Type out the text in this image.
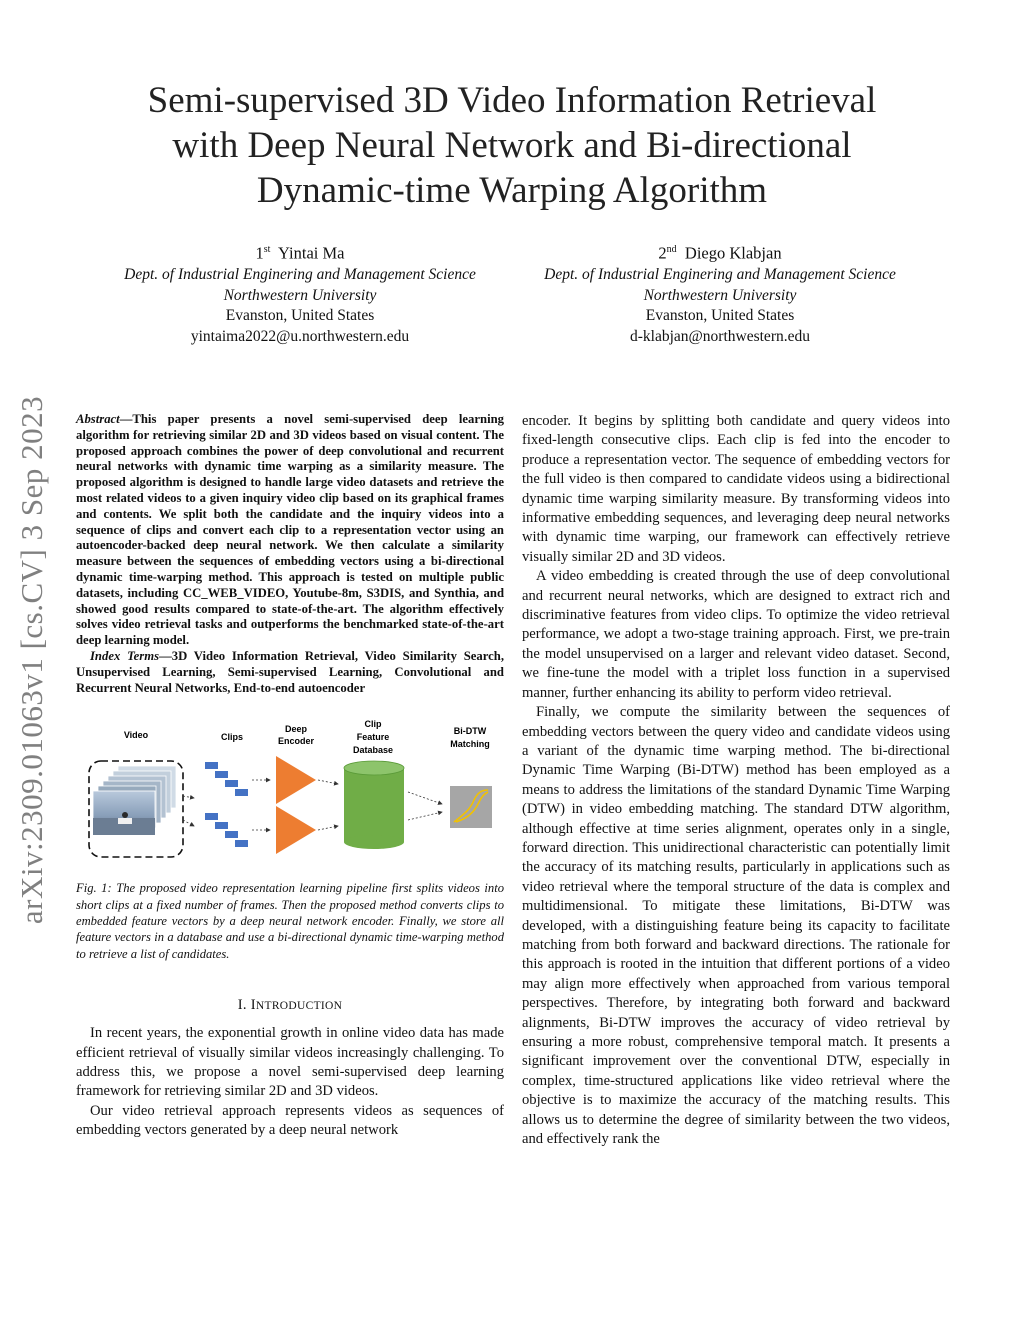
Semi-supervised 3D Video Information Retrieval
with Deep Neural Network and Bi-directional
Dynamic-time Warping Algorithm
1st Yintai Ma
Dept. of Industrial Enginering and Management Science
Northwestern University
Evanston, United States
yintaima2022@u.northwestern.edu
2nd Diego Klabjan
Dept. of Industrial Enginering and Management Science
Northwestern University
Evanston, United States
d-klabjan@northwestern.edu
arXiv:2309.01063v1 [cs.CV] 3 Sep 2023 Abstract—This paper presents a novel semi-supervised deep learning algorithm for retrieving similar 2D and 3D videos based on visual content. The proposed approach combines the power of deep convolutional and recurrent neural networks with dynamic time warping as a similarity measure. The proposed algorithm is designed to handle large video datasets and retrieve the most related videos to a given inquiry video clip based on its graphical frames and contents. We split both the candidate and the inquiry videos into a sequence of clips and convert each clip to a representation vector using an autoencoder-backed deep neural network. We then calculate a similarity measure between the sequences of embedding vectors using a bi-directional dynamic time-warping method. This approach is tested on multiple public datasets, including CC_WEB_VIDEO, Youtube-8m, S3DIS, and Synthia, and showed good results compared to state-of-the-art. The algorithm effectively solves video retrieval tasks and outperforms the benchmarked state-of-the-art deep learning model.

Index Terms—3D Video Information Retrieval, Video Similarity Search, Unsupervised Learning, Semi-supervised Learning, Convolutional and Recurrent Neural Networks, End-to-end autoencoder

Video	Clips
Deep
Encoder
Clip
Feature
Database
Bi-DTW
Matching

Fig. 1: The proposed video representation learning pipeline first splits videos into short clips at a fixed number of frames. Then the proposed method converts clips to embedded feature vectors by a deep neural network encoder. Finally, we store all feature vectors in a database and use a bi-directional dynamic time-warping method to retrieve a list of candidates.

I. INTRODUCTION

In recent years, the exponential growth in online video data has made efficient retrieval of visually similar videos increasingly challenging. To address this, we propose a novel semi-supervised deep learning framework for retrieving similar 2D and 3D videos.

Our video retrieval approach represents videos as sequences of embedding vectors generated by a deep neural network

encoder. It begins by splitting both candidate and query videos into fixed-length consecutive clips. Each clip is fed into the encoder to produce a representation vector. The sequence of embedding vectors for the full video is then compared to candidate videos using a bidirectional dynamic time warping similarity measure. By transforming videos into informative embedding sequences, and leveraging deep neural networks with dynamic time warping, our framework can effectively retrieve visually similar 2D and 3D videos.

A video embedding is created through the use of deep convolutional and recurrent neural networks, which are designed to extract rich and discriminative features from video clips. To optimize the video retrieval performance, we adopt a two-stage training approach. First, we pre-train the model unsupervised on a larger and relevant video dataset. Second, we fine-tune the model with a triplet loss function in a supervised manner, further enhancing its ability to perform video retrieval.

Finally, we compute the similarity between the sequences of embedding vectors between the query video and candidate videos using a variant of the dynamic time warping method. The bi-directional Dynamic Time Warping (Bi-DTW) method has been employed as a means to address the limitations of the standard Dynamic Time Warping (DTW) in video embedding matching. The standard DTW algorithm, although effective at time series alignment, operates only in a single, forward direction. This unidirectional characteristic can potentially limit the accuracy of its matching results, particularly in applications such as video retrieval where the temporal structure of the data is complex and multidimensional. To mitigate these limitations, Bi-DTW was developed, with a distinguishing feature being its capacity to facilitate matching from both forward and backward directions. The rationale for this approach is rooted in the intuition that different portions of a video may align more effectively when approached from various temporal perspectives. Therefore, by integrating both forward and backward alignments, Bi-DTW improves the accuracy of video retrieval by ensuring a more robust, comprehensive temporal match. It presents a significant improvement over the conventional DTW, especially in complex, time-structured applications like video retrieval where the objective is to maximize the accuracy of the matching results. This allows us to determine the degree of similarity between the two videos, and effectively rank the
